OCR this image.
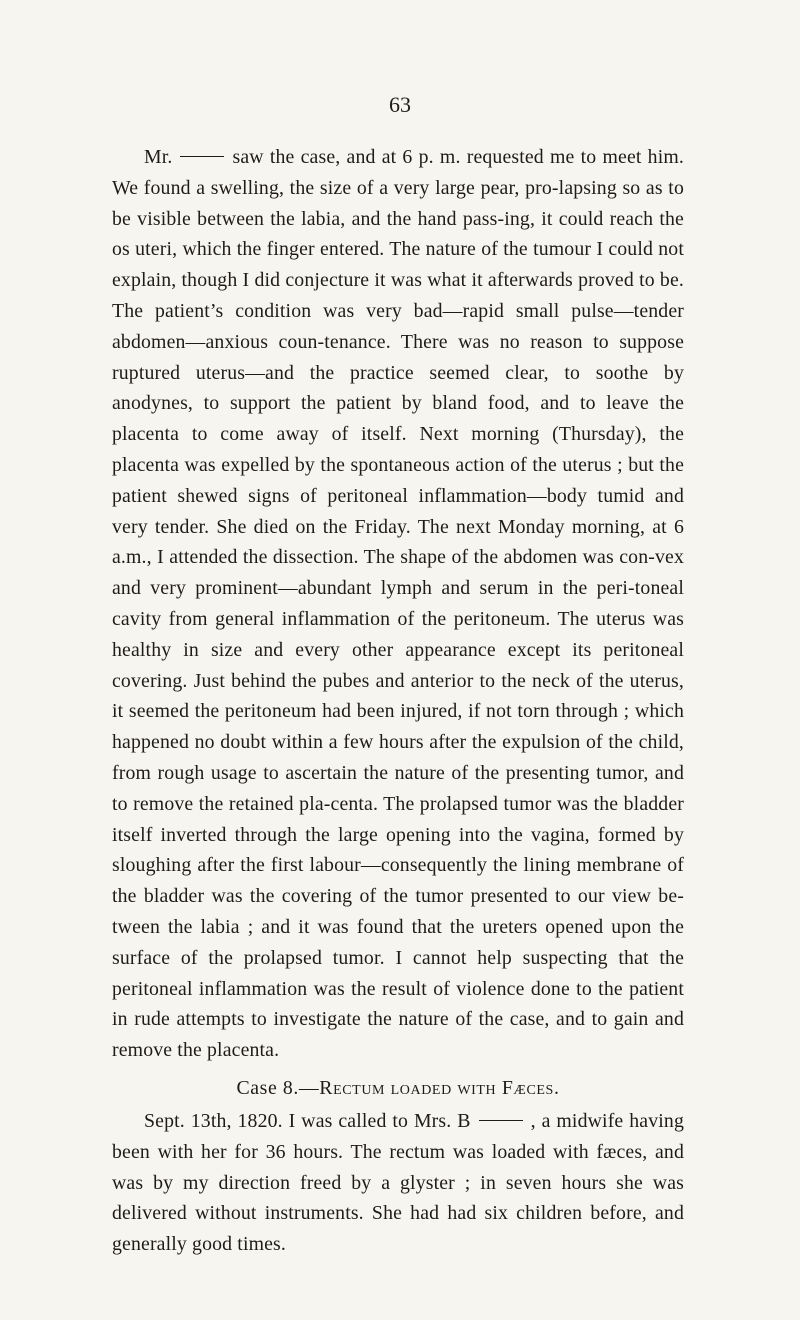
63

Mr.	saw the case, and at 6 p. m. requested me to meet him. We found a swelling, the size of a very large pear, pro-lapsing so as to be visible between the labia, and the hand pass-ing, it could reach the os uteri, which the finger entered. The nature of the tumour I could not explain, though I did conjecture it was what it afterwards proved to be. The patient’s condition was very bad—rapid small pulse—tender abdomen—anxious coun-tenance. There was no reason to suppose ruptured uterus—and the practice seemed clear, to soothe by anodynes, to support the patient by bland food, and to leave the placenta to come away of itself. Next morning (Thursday), the placenta was expelled by the spontaneous action of the uterus ; but the patient shewed signs of peritoneal inflammation—body tumid and very tender. She died on the Friday. The next Monday morning, at 6 a.m., I attended the dissection. The shape of the abdomen was con-vex and very prominent—abundant lymph and serum in the peri-toneal cavity from general inflammation of the peritoneum. The uterus was healthy in size and every other appearance except its peritoneal covering. Just behind the pubes and anterior to the neck of the uterus, it seemed the peritoneum had been injured, if not torn through ; which happened no doubt within a few hours after the expulsion of the child, from rough usage to ascertain the nature of the presenting tumor, and to remove the retained pla-centa. The prolapsed tumor was the bladder itself inverted through the large opening into the vagina, formed by sloughing after the first labour—consequently the lining membrane of the bladder was the covering of the tumor presented to our view be-tween the labia ; and it was found that the ureters opened upon the surface of the prolapsed tumor. I cannot help suspecting that the peritoneal inflammation was the result of violence done to the patient in rude attempts to investigate the nature of the case, and to gain and remove the placenta.

Case 8.—Rectum loaded with Fæces.

Sept. 13th, 1820. I was called to Mrs. B	, a midwife having been with her for 36 hours. The rectum was loaded with fæces, and was by my direction freed by a glyster ; in seven hours she was delivered without instruments. She had had six children before, and generally good times.
